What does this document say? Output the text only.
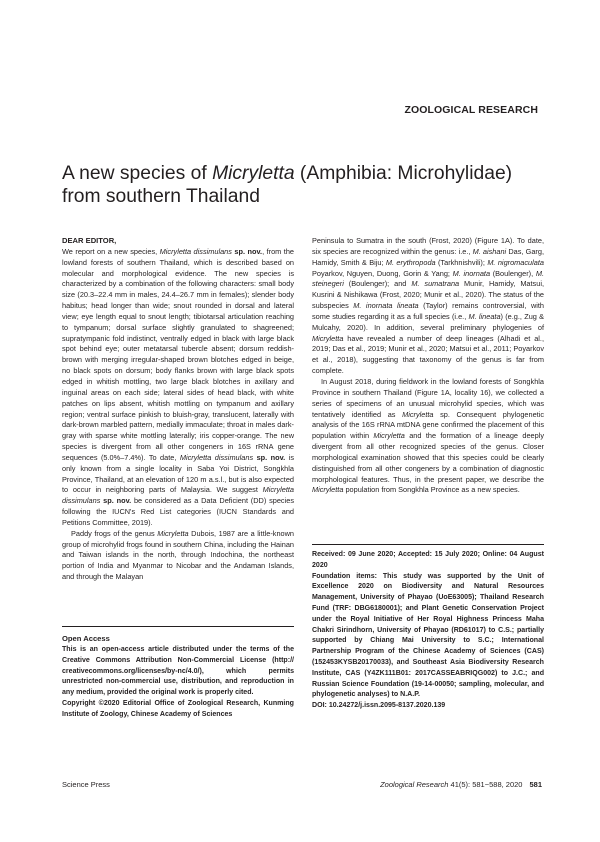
ZOOLOGICAL RESEARCH
A new species of Micryletta (Amphibia: Microhylidae)
from southern Thailand

DEAR EDITOR,

We report on a new species, Micryletta dissimulans sp. nov., from the lowland forests of southern Thailand, which is described based on molecular and morphological evidence. The new species is characterized by a combination of the following characters: small body size (20.3–22.4 mm in males, 24.4–26.7 mm in females); slender body habitus; head longer than wide; snout rounded in dorsal and lateral view; eye length equal to snout length; tibiotarsal articulation reaching to tympanum; dorsal surface slightly granulated to shagreened; supratympanic fold indistinct, ventrally edged in black with large black spot behind eye; outer metatarsal tubercle absent; dorsum reddish-brown with merging irregular-shaped brown blotches edged in beige, no black spots on dorsum; body flanks brown with large black spots edged in whitish mottling, two large black blotches in axillary and inguinal areas on each side; lateral sides of head black, with white patches on lips absent, whitish mottling on tympanum and axillary region; ventral surface pinkish to bluish-gray, translucent, laterally with dark-brown marbled pattern, medially immaculate; throat in males dark-gray with sparse white mottling laterally; iris copper-orange. The new species is divergent from all other congeners in 16S rRNA gene sequences (5.0%–7.4%). To date, Micryletta dissimulans sp. nov. is only known from a single locality in Saba Yoi District, Songkhla Province, Thailand, at an elevation of 120 m a.s.l., but is also expected to occur in neighboring parts of Malaysia. We suggest Micryletta dissimulans sp. nov. be considered as a Data Deficient (DD) species following the IUCN's Red List categories (IUCN Standards and Petitions Committee, 2019).

Paddy frogs of the genus Micryletta Dubois, 1987 are a little-known group of microhylid frogs found in southern China, including the Hainan and Taiwan islands in the north, through Indochina, the northeast portion of India and Myanmar to Nicobar and the Andaman Islands, and through the Malayan

Peninsula to Sumatra in the south (Frost, 2020) (Figure 1A). To date, six species are recognized within the genus: i.e., M. aishani Das, Garg, Hamidy, Smith & Biju; M. erythropoda (Tarkhnishvili); M. nigromaculata Poyarkov, Nguyen, Duong, Gorin & Yang; M. inornata (Boulenger), M. steinegeri (Boulenger); and M. sumatrana Munir, Hamidy, Matsui, Kusrini & Nishikawa (Frost, 2020; Munir et al., 2020). The status of the subspecies M. inornata lineata (Taylor) remains controversial, with some studies regarding it as a full species (i.e., M. lineata) (e.g., Zug & Mulcahy, 2020). In addition, several preliminary phylogenies of Micryletta have revealed a number of deep lineages (Alhadi et al., 2019; Das et al., 2019; Munir et al., 2020; Matsui et al., 2011; Poyarkov et al., 2018), suggesting that taxonomy of the genus is far from complete.

In August 2018, during fieldwork in the lowland forests of Songkhla Province in southern Thailand (Figure 1A, locality 16), we collected a series of specimens of an unusual microhylid species, which was tentatively identified as Micryletta sp. Consequent phylogenetic analysis of the 16S rRNA mtDNA gene confirmed the placement of this population within Micryletta and the formation of a lineage deeply divergent from all other recognized species of the genus. Closer morphological examination showed that this species could be clearly distinguished from all other congeners by a combination of diagnostic morphological features. Thus, in the present paper, we describe the Micryletta population from Songkhla Province as a new species.

Received: 09 June 2020; Accepted: 15 July 2020; Online: 04 August 2020

Foundation items: This study was supported by the Unit of Excellence 2020 on Biodiversity and Natural Resources Management, University of Phayao (UoE63005); Thailand Research Fund (TRF: DBG6180001); and Plant Genetic Conservation Project under the Royal Initiative of Her Royal Highness Princess Maha Chakri Sirindhorn, University of Phayao (RD61017) to C.S.; partially supported by Chiang Mai University to S.C.; International Partnership Program of the Chinese Academy of Sciences (CAS) (152453KYSB20170033), and Southeast Asia Biodiversity Research Institute, CAS (Y4ZK111B01: 2017CASSEABRIQG002) to J.C.; and Russian Science Foundation (19-14-00050; sampling, molecular, and phylogenetic analyses) to N.A.P.

DOI: 10.24272/j.issn.2095-8137.2020.139

Open Access

This is an open-access article distributed under the terms of the Creative Commons Attribution Non-Commercial License (http:// creativecommons.org/licenses/by-nc/4.0/), which permits unrestricted non-commercial use, distribution, and reproduction in any medium, provided the original work is properly cited.

Copyright ©2020 Editorial Office of Zoological Research, Kunming Institute of Zoology, Chinese Academy of Sciences

Science Press	Zoological Research 41(5): 581−588, 2020 581
